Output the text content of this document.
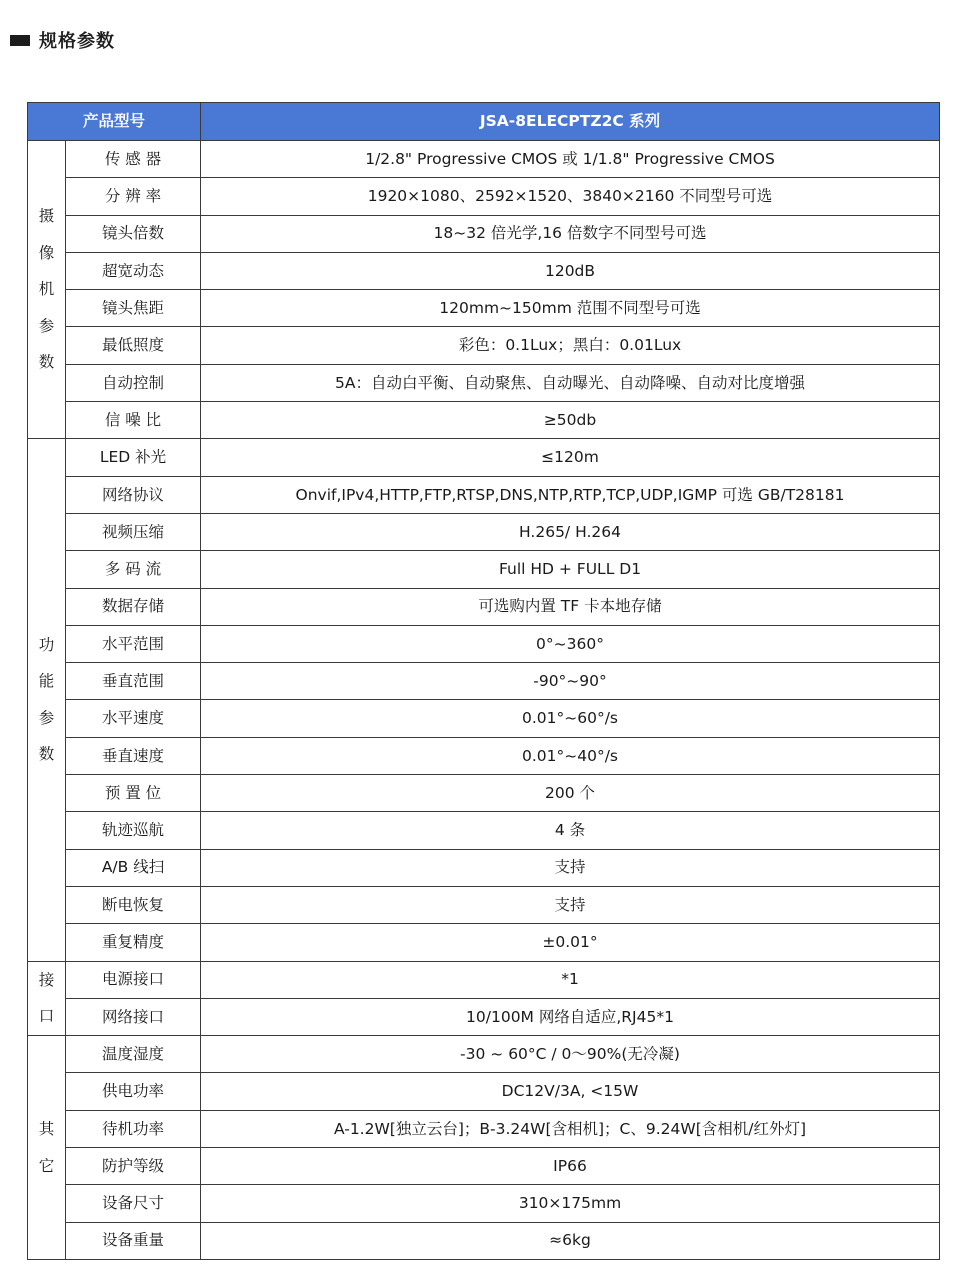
规格参数
产品型号		JSA-8ELECPTZ2C 系列
摄
像
机
参
数	传 感 器	1/2.8" Progressive CMOS 或 1/1.8" Progressive CMOS
	分 辨 率	1920×1080、2592×1520、3840×2160 不同型号可选
	镜头倍数	18~32 倍光学,16 倍数字不同型号可选
	超宽动态	120dB
	镜头焦距	120mm~150mm 范围不同型号可选
	最低照度	彩色：0.1Lux；黑白：0.01Lux
	自动控制	5A：自动白平衡、自动聚焦、自动曝光、自动降噪、自动对比度增强
	信 噪 比	≥50db
功
能
参
数	LED 补光	≤120m
	网络协议	Onvif,IPv4,HTTP,FTP,RTSP,DNS,NTP,RTP,TCP,UDP,IGMP 可选 GB/T28181
	视频压缩	H.265/ H.264
	多 码 流	Full HD + FULL D1
	数据存储	可选购内置 TF 卡本地存储
	水平范围	0°~360°
	垂直范围	-90°~90°
	水平速度	0.01°~60°/s
	垂直速度	0.01°~40°/s
	预 置 位	200 个
	轨迹巡航	4 条
	A/B 线扫	支持
	断电恢复	支持
	重复精度	±0.01°
接
口	电源接口	*1
	网络接口	10/100M 网络自适应,RJ45*1
其
它	温度湿度	-30 ~ 60°C / 0～90%(无冷凝)
	供电功率	DC12V/3A, <15W
	待机功率	A-1.2W[独立云台]；B-3.24W[含相机]；C、9.24W[含相机/红外灯]
	防护等级	IP66
	设备尺寸	310×175mm
	设备重量	≈6kg
